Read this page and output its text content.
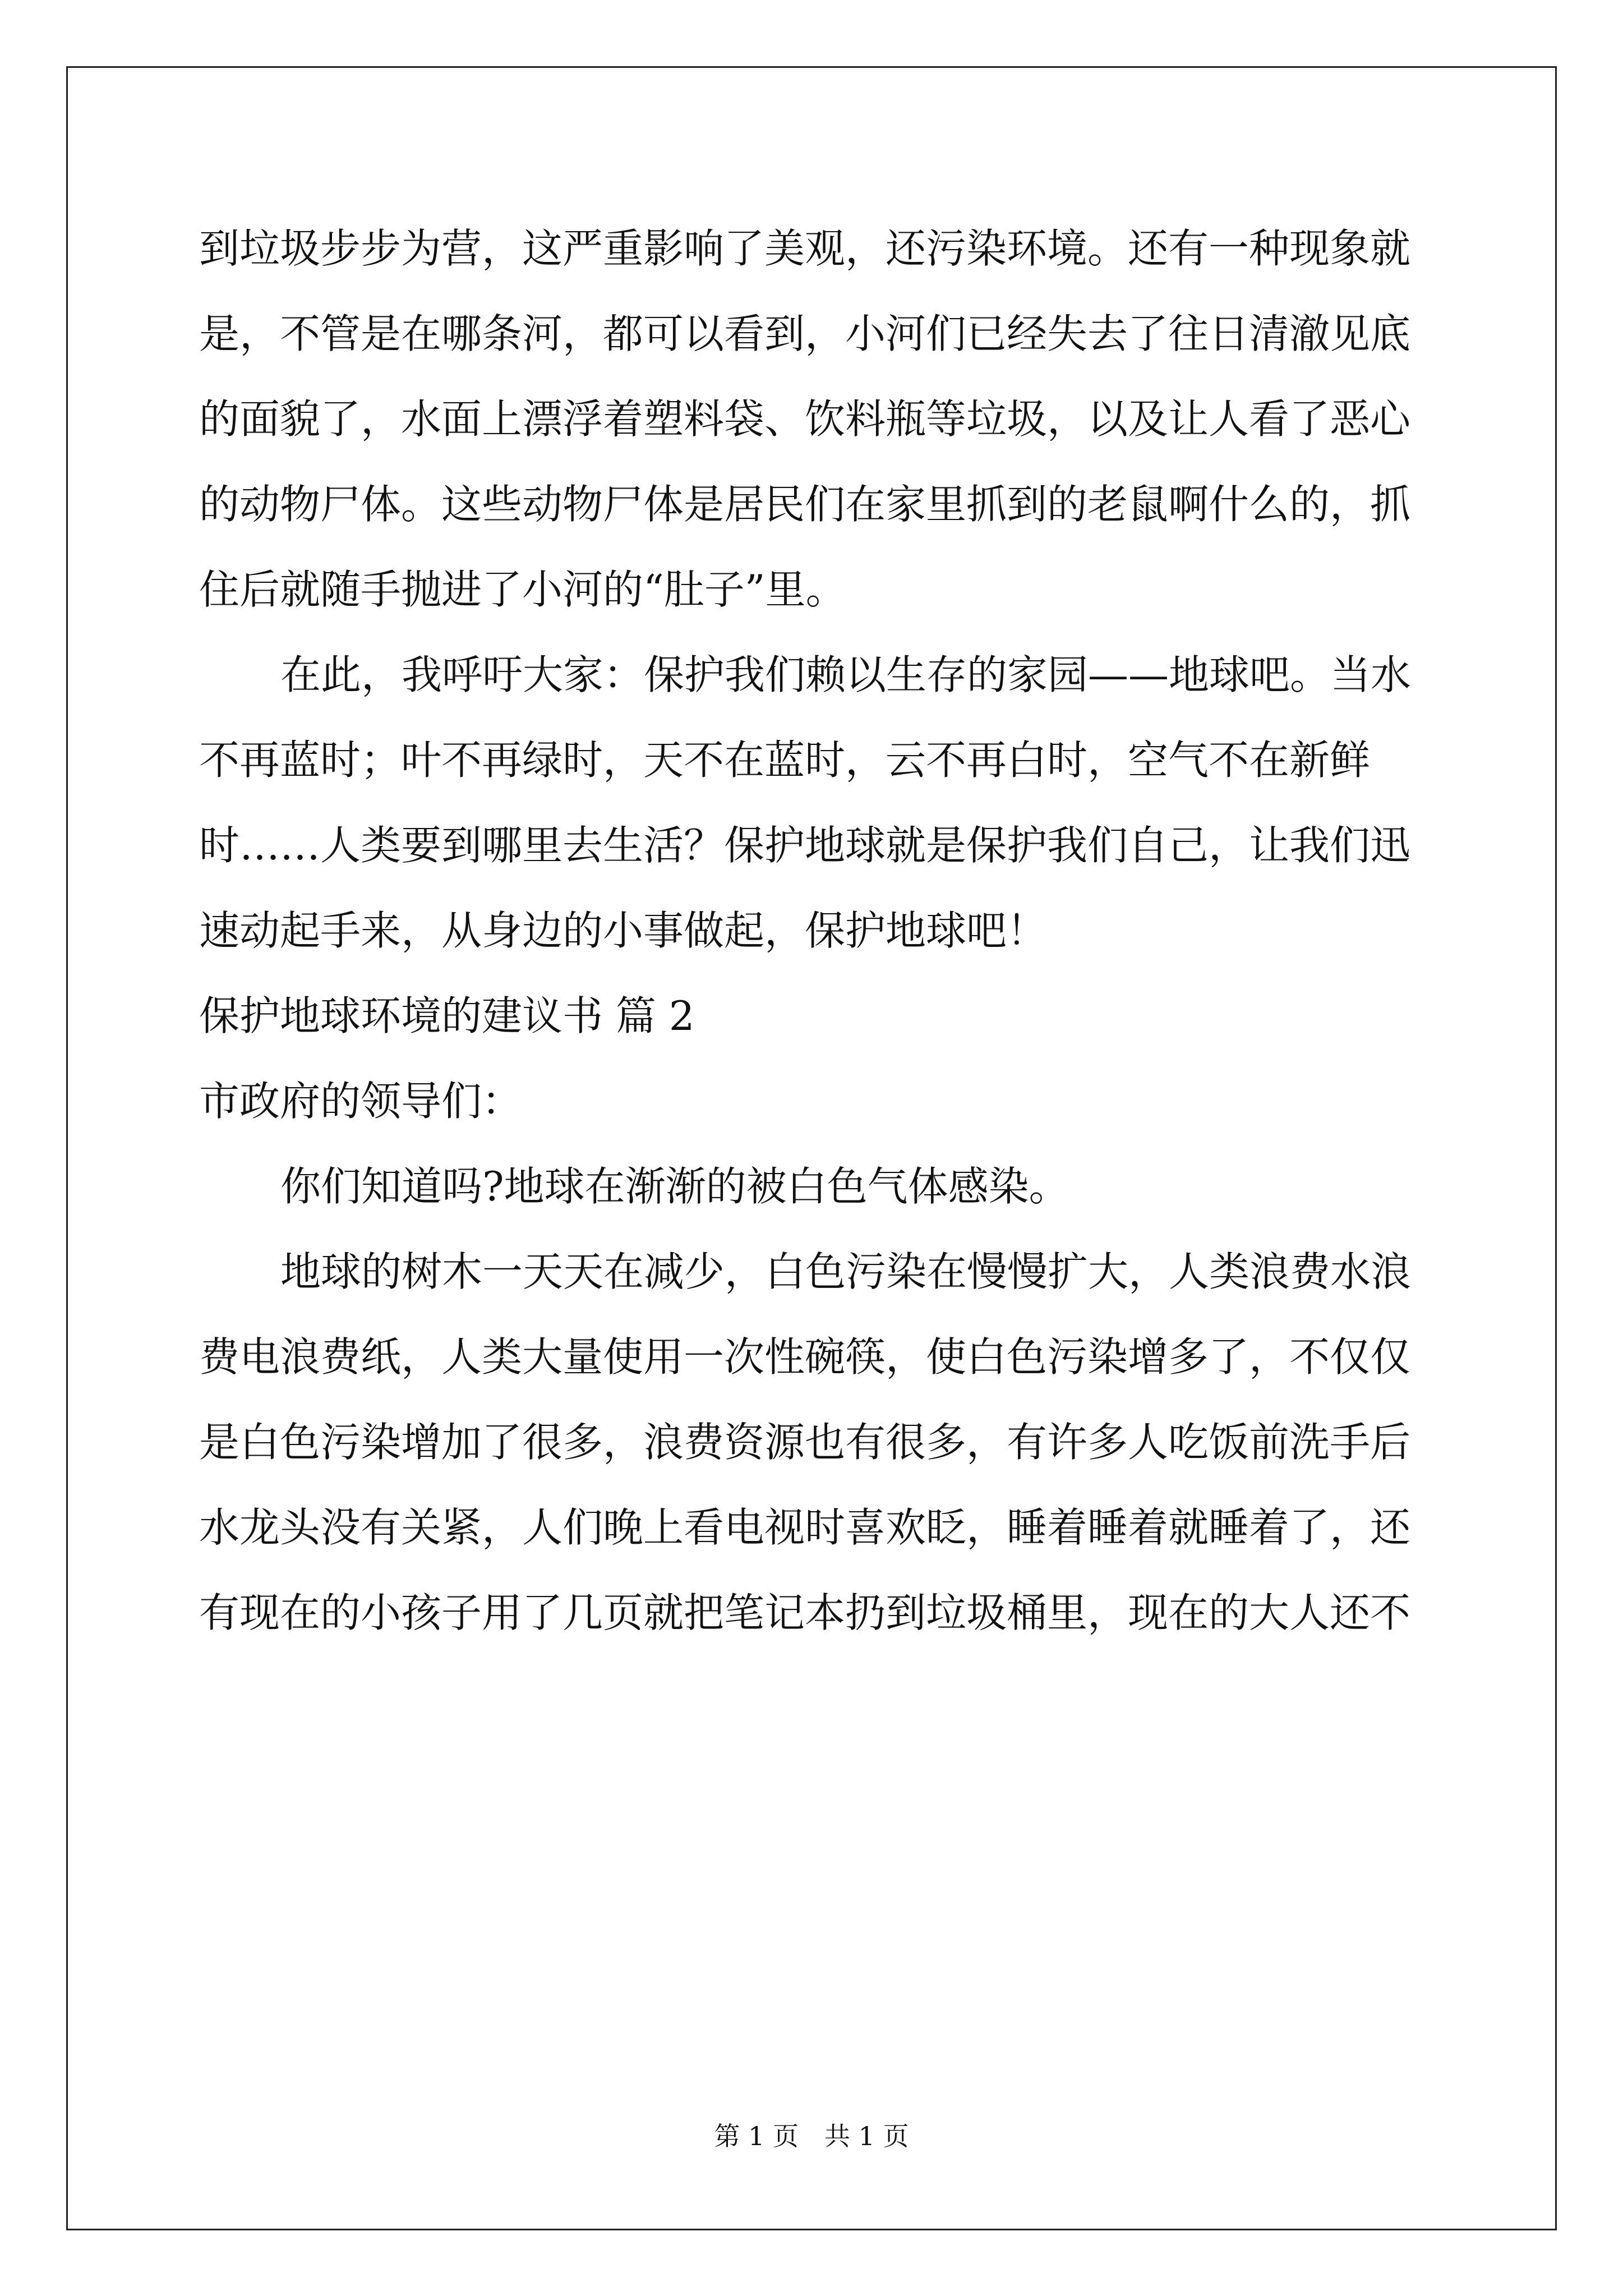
到垃圾步步为营，这严重影响了美观，还污染环境。还有一种现象就
是，不管是在哪条河，都可以看到，小河们已经失去了往日清澈见底
的面貌了，水面上漂浮着塑料袋、饮料瓶等垃圾，以及让人看了恶心
的动物尸体。这些动物尸体是居民们在家里抓到的老鼠啊什么的，抓
住后就随手抛进了小河的“肚子”里。
在此，我呼吁大家：保护我们赖以生存的家园——地球吧。当水
不再蓝时；叶不再绿时，天不在蓝时，云不再白时，空气不在新鲜
时……人类要到哪里去生活？保护地球就是保护我们自己，让我们迅
速动起手来，从身边的小事做起，保护地球吧！
保护地球环境的建议书 篇 2
市政府的领导们：
你们知道吗?地球在渐渐的被白色气体感染。
地球的树木一天天在减少，白色污染在慢慢扩大，人类浪费水浪
费电浪费纸，人类大量使用一次性碗筷，使白色污染增多了，不仅仅
是白色污染增加了很多，浪费资源也有很多，有许多人吃饭前洗手后
水龙头没有关紧，人们晚上看电视时喜欢眨，睡着睡着就睡着了，还
有现在的小孩子用了几页就把笔记本扔到垃圾桶里，现在的大人还不
第 1 页　共 1 页
